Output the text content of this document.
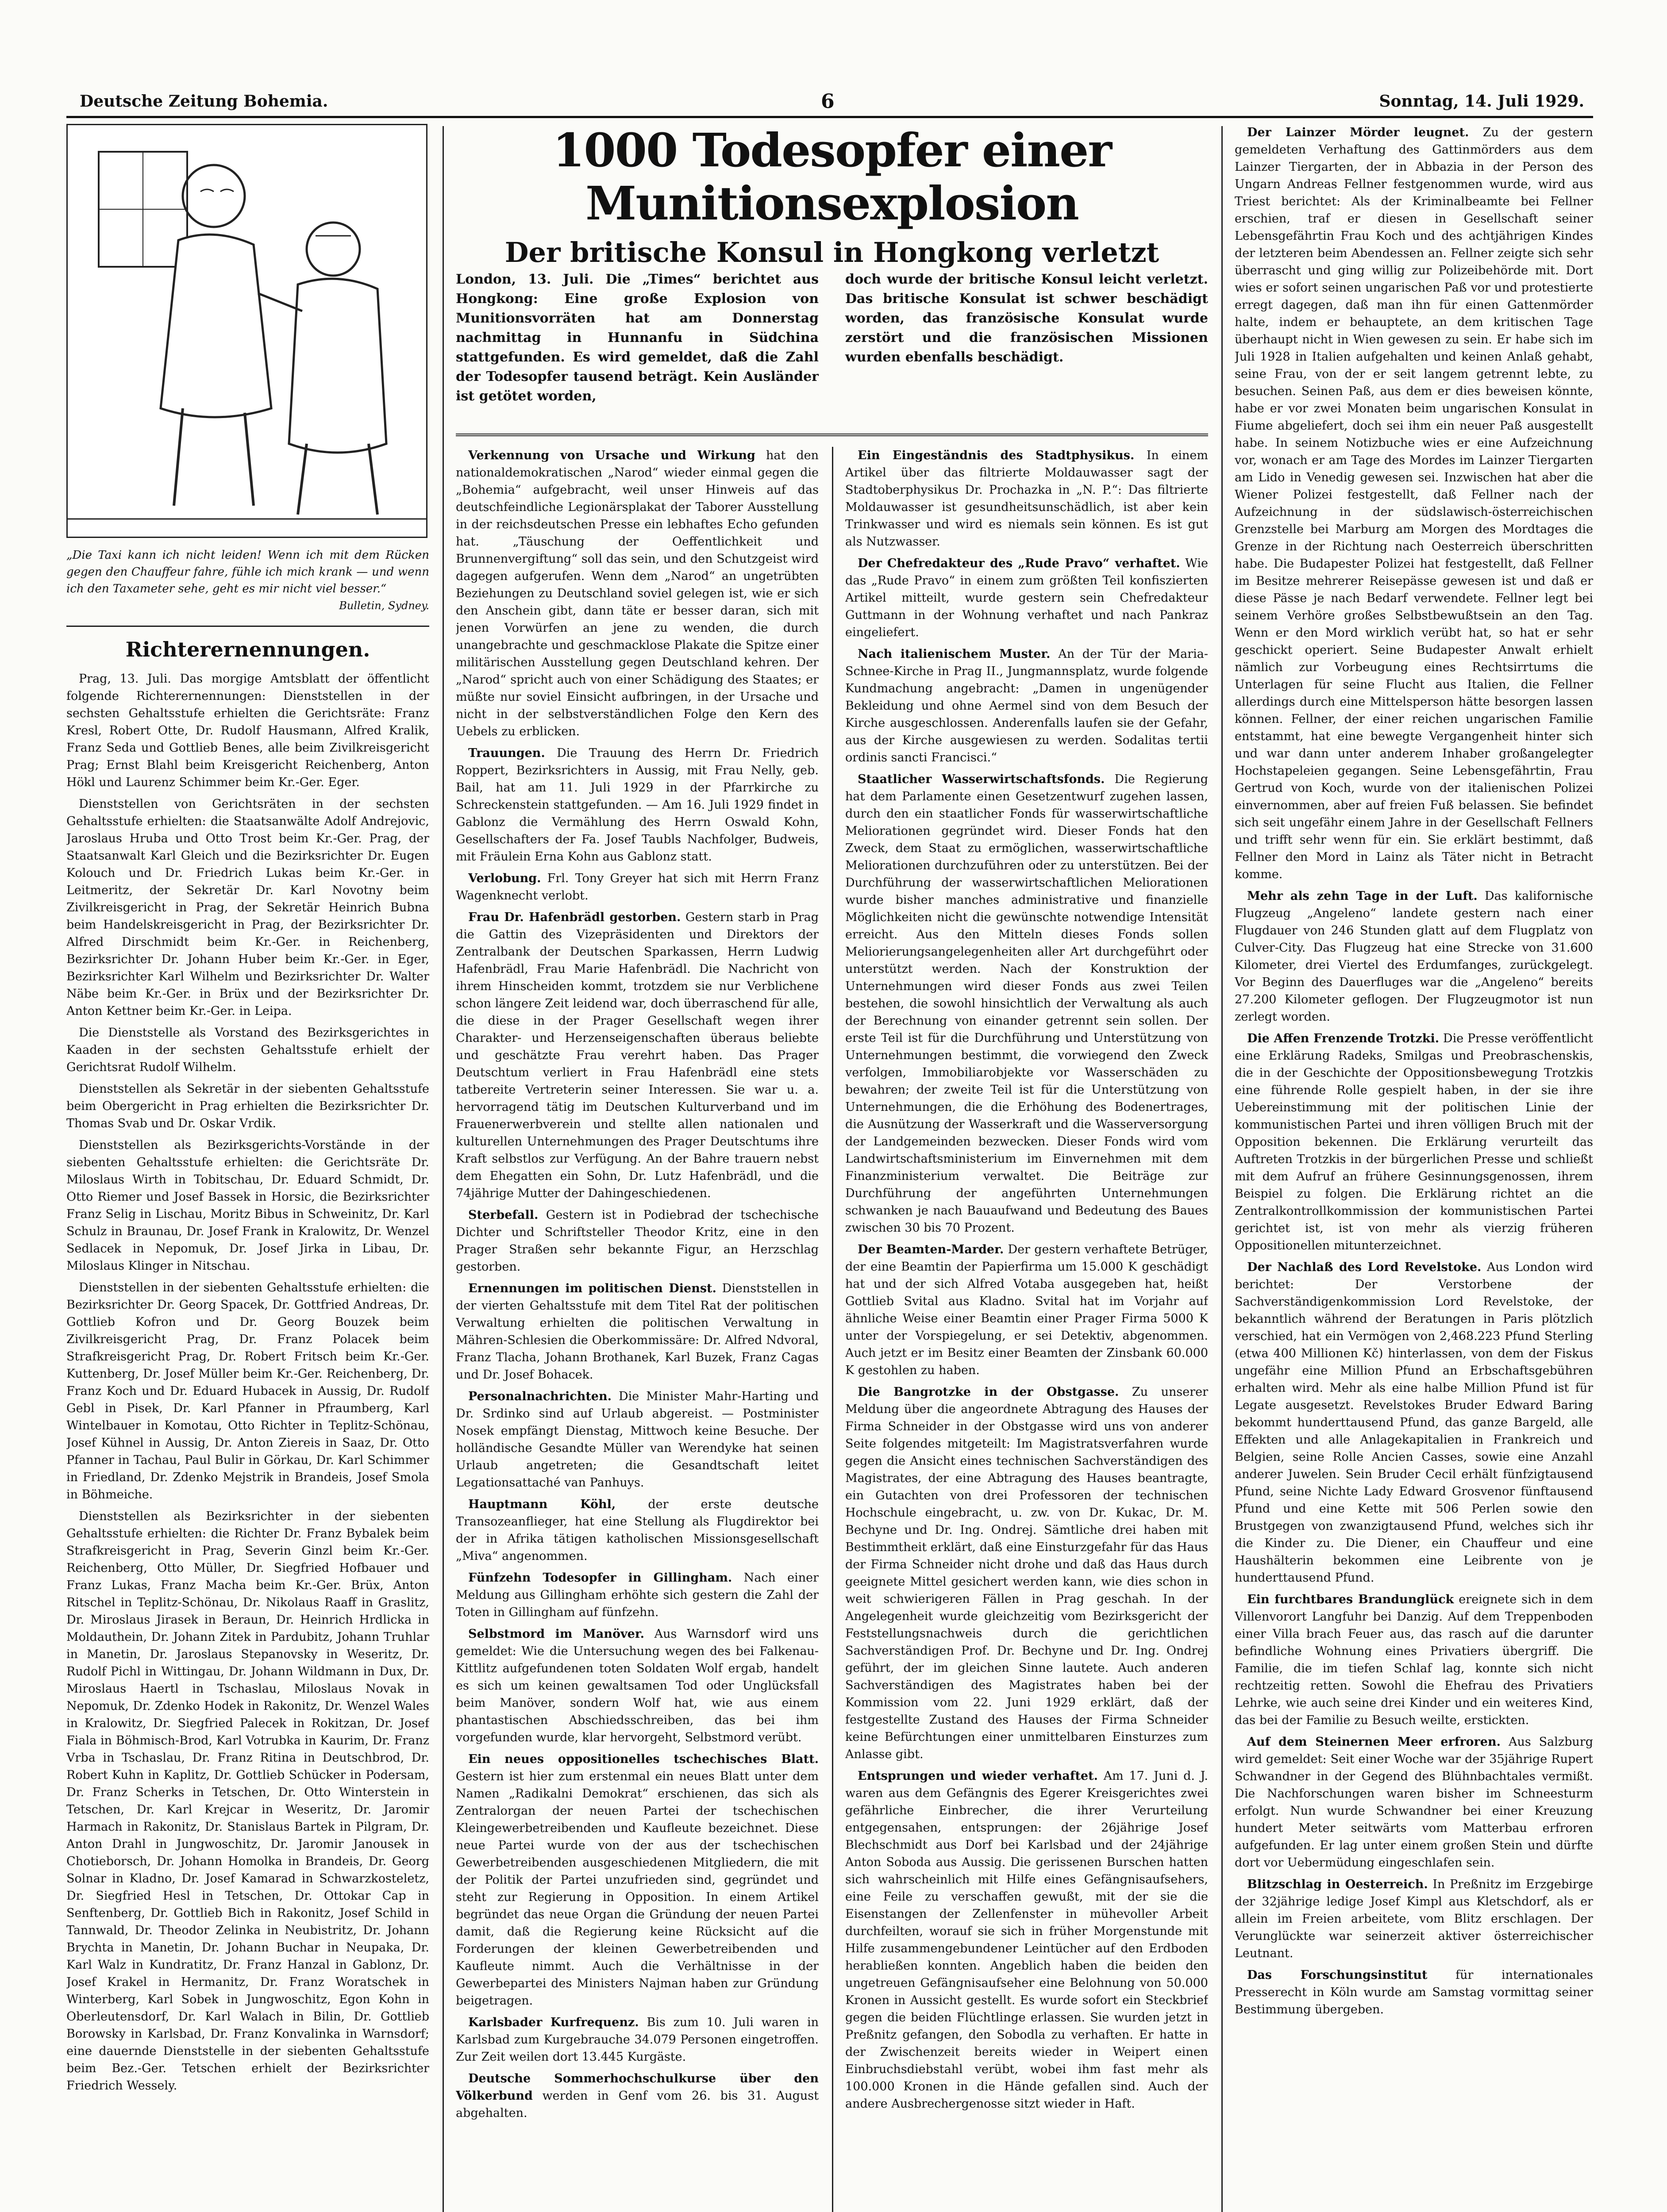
Deutsche Zeitung Bohemia.	6	Sonntag, 14. Juli 1929.

„Die Taxi kann ich nicht leiden! Wenn ich mit dem Rücken gegen den Chauffeur fahre, fühle ich mich krank — und wenn ich den Taxameter sehe, geht es mir nicht viel besser.“
Bulletin, Sydney.

Richterernennungen.

Prag, 13. Juli. Das morgige Amtsblatt der öffentlicht folgende Richterernennungen: Dienststellen in der sechsten Gehaltsstufe erhielten die Gerichtsräte: Franz Kresl, Robert Otte, Dr. Rudolf Hausmann, Alfred Kralik, Franz Seda und Gottlieb Benes, alle beim Zivilkreisgericht Prag; Ernst Blahl beim Kreisgericht Reichenberg, Anton Hökl und Laurenz Schimmer beim Kr.-Ger. Eger.

Dienststellen von Gerichtsräten in der sechsten Gehaltsstufe erhielten: die Staatsanwälte Adolf Andrejovic, Jaroslaus Hruba und Otto Trost beim Kr.-Ger. Prag, der Staatsanwalt Karl Gleich und die Bezirksrichter Dr. Eugen Kolouch und Dr. Friedrich Lukas beim Kr.-Ger. in Leitmeritz, der Sekretär Dr. Karl Novotny beim Zivilkreisgericht in Prag, der Sekretär Heinrich Bubna beim Handelskreisgericht in Prag, der Bezirksrichter Dr. Alfred Dirschmidt beim Kr.-Ger. in Reichenberg, Bezirksrichter Dr. Johann Huber beim Kr.-Ger. in Eger, Bezirksrichter Karl Wilhelm und Bezirksrichter Dr. Walter Näbe beim Kr.-Ger. in Brüx und der Bezirksrichter Dr. Anton Kettner beim Kr.-Ger. in Leipa.

Die Dienststelle als Vorstand des Bezirksgerichtes in Kaaden in der sechsten Gehaltsstufe erhielt der Gerichtsrat Rudolf Wilhelm.

Dienststellen als Sekretär in der siebenten Gehaltsstufe beim Obergericht in Prag erhielten die Bezirksrichter Dr. Thomas Svab und Dr. Oskar Vrdik.

Dienststellen als Bezirksgerichts-Vorstände in der siebenten Gehaltsstufe erhielten: die Gerichtsräte Dr. Miloslaus Wirth in Tobitschau, Dr. Eduard Schmidt, Dr. Otto Riemer und Josef Bassek in Horsic, die Bezirksrichter Franz Selig in Lischau, Moritz Bibus in Schweinitz, Dr. Karl Schulz in Braunau, Dr. Josef Frank in Kralowitz, Dr. Wenzel Sedlacek in Nepomuk, Dr. Josef Jirka in Libau, Dr. Miloslaus Klinger in Nitschau.

Dienststellen in der siebenten Gehaltsstufe erhielten: die Bezirksrichter Dr. Georg Spacek, Dr. Gottfried Andreas, Dr. Gottlieb Kofron und Dr. Georg Bouzek beim Zivilkreisgericht Prag, Dr. Franz Polacek beim Strafkreisgericht Prag, Dr. Robert Fritsch beim Kr.-Ger. Kuttenberg, Dr. Josef Müller beim Kr.-Ger. Reichenberg, Dr. Franz Koch und Dr. Eduard Hubacek in Aussig, Dr. Rudolf Gebl in Pisek, Dr. Karl Pfanner in Pfraumberg, Karl Wintelbauer in Komotau, Otto Richter in Teplitz-Schönau, Josef Kühnel in Aussig, Dr. Anton Ziereis in Saaz, Dr. Otto Pfanner in Tachau, Paul Bulir in Görkau, Dr. Karl Schimmer in Friedland, Dr. Zdenko Mejstrik in Brandeis, Josef Smola in Böhmeiche.

Dienststellen als Bezirksrichter in der siebenten Gehaltsstufe erhielten: die Richter Dr. Franz Bybalek beim Strafkreisgericht in Prag, Severin Ginzl beim Kr.-Ger. Reichenberg, Otto Müller, Dr. Siegfried Hofbauer und Franz Lukas, Franz Macha beim Kr.-Ger. Brüx, Anton Ritschel in Teplitz-Schönau, Dr. Nikolaus Raaff in Graslitz, Dr. Miroslaus Jirasek in Beraun, Dr. Heinrich Hrdlicka in Moldauthein, Dr. Johann Zitek in Pardubitz, Johann Truhlar in Manetin, Dr. Jaroslaus Stepanovsky in Weseritz, Dr. Rudolf Pichl in Wittingau, Dr. Johann Wildmann in Dux, Dr. Miroslaus Haertl in Tschaslau, Miloslaus Novak in Nepomuk, Dr. Zdenko Hodek in Rakonitz, Dr. Wenzel Wales in Kralowitz, Dr. Siegfried Palecek in Rokitzan, Dr. Josef Fiala in Böhmisch-Brod, Karl Votrubka in Kaurim, Dr. Franz Vrba in Tschaslau, Dr. Franz Ritina in Deutschbrod, Dr. Robert Kuhn in Kaplitz, Dr. Gottlieb Schücker in Podersam, Dr. Franz Scherks in Tetschen, Dr. Otto Winterstein in Tetschen, Dr. Karl Krejcar in Weseritz, Dr. Jaromir Harmach in Rakonitz, Dr. Stanislaus Bartek in Pilgram, Dr. Anton Drahl in Jungwoschitz, Dr. Jaromir Janousek in Chotieborsch, Dr. Johann Homolka in Brandeis, Dr. Georg Solnar in Kladno, Dr. Josef Kamarad in Schwarzkosteletz, Dr. Siegfried Hesl in Tetschen, Dr. Ottokar Cap in Senftenberg, Dr. Gottlieb Bich in Rakonitz, Josef Schild in Tannwald, Dr. Theodor Zelinka in Neubistritz, Dr. Johann Brychta in Manetin, Dr. Johann Buchar in Neupaka, Dr. Karl Walz in Kundratitz, Dr. Franz Hanzal in Gablonz, Dr. Josef Krakel in Hermanitz, Dr. Franz Woratschek in Winterberg, Karl Sobek in Jungwoschitz, Egon Kohn in Oberleutensdorf, Dr. Karl Walach in Bilin, Dr. Gottlieb Borowsky in Karlsbad, Dr. Franz Konvalinka in Warnsdorf; eine dauernde Dienststelle in der siebenten Gehaltsstufe beim Bez.-Ger. Tetschen erhielt der Bezirksrichter Friedrich Wessely.

1000 Todesopfer einer Munitionsexplosion
Der britische Konsul in Hongkong verletzt
London, 13. Juli. Die „Times“ berichtet aus Hongkong: Eine große Explosion von Munitionsvorräten hat am Donnerstag nachmittag in Hunnanfu in Südchina stattgefunden. Es wird gemeldet, daß die Zahl der Todesopfer tausend beträgt. Kein Ausländer ist getötet worden,
doch wurde der britische Konsul leicht verletzt. Das britische Konsulat ist schwer beschädigt worden, das französische Konsulat wurde zerstört und die französischen Missionen wurden ebenfalls beschädigt.

Verkennung von Ursache und Wirkung hat den nationaldemokratischen „Narod“ wieder einmal gegen die „Bohemia“ aufgebracht, weil unser Hinweis auf das deutschfeindliche Legionärsplakat der Taborer Ausstellung in der reichsdeutschen Presse ein lebhaftes Echo gefunden hat. „Täuschung der Oeffentlichkeit und Brunnenvergiftung“ soll das sein, und den Schutzgeist wird dagegen aufgerufen. Wenn dem „Narod“ an ungetrübten Beziehungen zu Deutschland soviel gelegen ist, wie er sich den Anschein gibt, dann täte er besser daran, sich mit jenen Vorwürfen an jene zu wenden, die durch unangebrachte und geschmacklose Plakate die Spitze einer militärischen Ausstellung gegen Deutschland kehren. Der „Narod“ spricht auch von einer Schädigung des Staates; er müßte nur soviel Einsicht aufbringen, in der Ursache und nicht in der selbstverständlichen Folge den Kern des Uebels zu erblicken.

Trauungen. Die Trauung des Herrn Dr. Friedrich Roppert, Bezirksrichters in Aussig, mit Frau Nelly, geb. Bail, hat am 11. Juli 1929 in der Pfarrkirche zu Schreckenstein stattgefunden. — Am 16. Juli 1929 findet in Gablonz die Vermählung des Herrn Oswald Kohn, Gesellschafters der Fa. Josef Taubls Nachfolger, Budweis, mit Fräulein Erna Kohn aus Gablonz statt.

Verlobung. Frl. Tony Greyer hat sich mit Herrn Franz Wagenknecht verlobt.

Frau Dr. Hafenbrädl gestorben. Gestern starb in Prag die Gattin des Vizepräsidenten und Direktors der Zentralbank der Deutschen Sparkassen, Herrn Ludwig Hafenbrädl, Frau Marie Hafenbrädl. Die Nachricht von ihrem Hinscheiden kommt, trotzdem sie nur Verblichene schon längere Zeit leidend war, doch überraschend für alle, die diese in der Prager Gesellschaft wegen ihrer Charakter- und Herzenseigenschaften überaus beliebte und geschätzte Frau verehrt haben. Das Prager Deutschtum verliert in Frau Hafenbrädl eine stets tatbereite Vertreterin seiner Interessen. Sie war u. a. hervorragend tätig im Deutschen Kulturverband und im Frauenerwerbverein und stellte allen nationalen und kulturellen Unternehmungen des Prager Deutschtums ihre Kraft selbstlos zur Verfügung. An der Bahre trauern nebst dem Ehegatten ein Sohn, Dr. Lutz Hafenbrädl, und die 74jährige Mutter der Dahingeschiedenen.

Sterbefall. Gestern ist in Podiebrad der tschechische Dichter und Schriftsteller Theodor Kritz, eine in den Prager Straßen sehr bekannte Figur, an Herzschlag gestorben.

Ernennungen im politischen Dienst. Dienststellen in der vierten Gehaltsstufe mit dem Titel Rat der politischen Verwaltung erhielten die politischen Verwaltung in Mähren-Schlesien die Oberkommissäre: Dr. Alfred Ndvoral, Franz Tlacha, Johann Brothanek, Karl Buzek, Franz Cagas und Dr. Josef Bohacek.

Personalnachrichten. Die Minister Mahr-Harting und Dr. Srdinko sind auf Urlaub abgereist. — Postminister Nosek empfängt Dienstag, Mittwoch keine Besuche. Der holländische Gesandte Müller van Werendyke hat seinen Urlaub angetreten; die Gesandtschaft leitet Legationsattaché van Panhuys.

Hauptmann Köhl,	der erste deutsche Transozeanflieger, hat eine Stellung als Flugdirektor bei der in Afrika tätigen katholischen Missionsgesellschaft „Miva“ angenommen.

Fünfzehn Todesopfer in Gillingham. Nach einer Meldung aus Gillingham erhöhte sich gestern die Zahl der Toten in Gillingham auf fünfzehn.

Selbstmord im Manöver. Aus Warnsdorf wird uns gemeldet: Wie die Untersuchung wegen des bei Falkenau-Kittlitz aufgefundenen toten Soldaten Wolf ergab, handelt es sich um keinen gewaltsamen Tod oder Unglücksfall beim Manöver, sondern Wolf hat, wie aus einem phantastischen Abschiedsschreiben, das bei ihm vorgefunden wurde, klar hervorgeht, Selbstmord verübt.

Ein neues oppositionelles tschechisches Blatt. Gestern ist hier zum erstenmal ein neues Blatt unter dem Namen „Radikalni Demokrat“ erschienen, das sich als Zentralorgan der neuen Partei der tschechischen Kleingewerbetreibenden und Kaufleute bezeichnet. Diese neue Partei wurde von der aus der tschechischen Gewerbetreibenden ausgeschiedenen Mitgliedern, die mit der Politik der Partei unzufrieden sind, gegründet und steht zur Regierung in Opposition. In einem Artikel begründet das neue Organ die Gründung der neuen Partei damit, daß die Regierung keine Rücksicht auf die Forderungen der kleinen Gewerbetreibenden und Kaufleute nimmt. Auch die Verhältnisse in der Gewerbepartei des Ministers Najman haben zur Gründung beigetragen.

Karlsbader Kurfrequenz. Bis zum 10. Juli waren in Karlsbad zum Kurgebrauche 34.079 Personen eingetroffen. Zur Zeit weilen dort 13.445 Kurgäste.

Deutsche Sommerhochschulkurse über den Völkerbund werden in Genf vom 26. bis 31. August abgehalten.

Ein Eingeständnis des Stadtphysikus. In einem Artikel über das filtrierte Moldauwasser sagt der Stadtoberphysikus Dr. Prochazka in „N. P.“: Das filtrierte Moldauwasser ist gesundheitsunschädlich, ist aber kein Trinkwasser und wird es niemals sein können. Es ist gut als Nutzwasser.

Der Chefredakteur des „Rude Pravo“ verhaftet. Wie das „Rude Pravo“ in einem zum größten Teil konfiszierten Artikel mitteilt, wurde gestern sein Chefredakteur Guttmann in der Wohnung verhaftet und nach Pankraz eingeliefert.

Nach italienischem Muster. An der Tür der Maria-Schnee-Kirche in Prag II., Jungmannsplatz, wurde folgende Kundmachung angebracht: „Damen in ungenügender Bekleidung und ohne Aermel sind von dem Besuch der Kirche ausgeschlossen. Anderenfalls laufen sie der Gefahr, aus der Kirche ausgewiesen zu werden. Sodalitas tertii ordinis sancti Francisci.“

Staatlicher Wasserwirtschaftsfonds. Die Regierung hat dem Parlamente einen Gesetzentwurf zugehen lassen, durch den ein staatlicher Fonds für wasserwirtschaftliche Meliorationen gegründet wird. Dieser Fonds hat den Zweck, dem Staat zu ermöglichen, wasserwirtschaftliche Meliorationen durchzuführen oder zu unterstützen. Bei der Durchführung der wasserwirtschaftlichen Meliorationen wurde bisher manches administrative und finanzielle Möglichkeiten nicht die gewünschte notwendige Intensität erreicht. Aus den Mitteln dieses Fonds sollen Meliorierungsangelegenheiten aller Art durchgeführt oder unterstützt werden. Nach der Konstruktion der Unternehmungen wird dieser Fonds aus zwei Teilen bestehen, die sowohl hinsichtlich der Verwaltung als auch der Berechnung von einander getrennt sein sollen. Der erste Teil ist für die Durchführung und Unterstützung von Unternehmungen bestimmt, die vorwiegend den Zweck verfolgen, Immobiliarobjekte vor Wasserschäden zu bewahren; der zweite Teil ist für die Unterstützung von Unternehmungen, die die Erhöhung des Bodenertrages, die Ausnützung der Wasserkraft und die Wasserversorgung der Landgemeinden bezwecken. Dieser Fonds wird vom Landwirtschaftsministerium im Einvernehmen mit dem Finanzministerium verwaltet. Die Beiträge zur Durchführung der angeführten Unternehmungen schwanken je nach Bauaufwand und Bedeutung des Baues zwischen 30 bis 70 Prozent.

Der Beamten-Marder. Der gestern verhaftete Betrüger, der eine Beamtin der Papierfirma um 15.000 K geschädigt hat und der sich Alfred Votaba ausgegeben hat, heißt Gottlieb Svital aus Kladno. Svital hat im Vorjahr auf ähnliche Weise einer Beamtin einer Prager Firma 5000 K unter der Vorspiegelung, er sei Detektiv, abgenommen. Auch jetzt er im Besitz einer Beamten der Zinsbank 60.000 K gestohlen zu haben.

Die Bangrotzke in der Obstgasse. Zu unserer Meldung über die angeordnete Abtragung des Hauses der Firma Schneider in der Obstgasse wird uns von anderer Seite folgendes mitgeteilt: Im Magistratsverfahren wurde gegen die Ansicht eines technischen Sachverständigen des Magistrates, der eine Abtragung des Hauses beantragte, ein Gutachten von drei Professoren der technischen Hochschule eingebracht, u. zw. von Dr. Kukac, Dr. M. Bechyne und Dr. Ing. Ondrej. Sämtliche drei haben mit Bestimmtheit erklärt, daß eine Einsturzgefahr für das Haus der Firma Schneider nicht drohe und daß das Haus durch geeignete Mittel gesichert werden kann, wie dies schon in weit schwierigeren Fällen in Prag geschah. In der Angelegenheit wurde gleichzeitig vom Bezirksgericht der Feststellungsnachweis durch die gerichtlichen Sachverständigen Prof. Dr. Bechyne und Dr. Ing. Ondrej geführt, der im gleichen Sinne lautete. Auch anderen Sachverständigen des Magistrates haben bei der Kommission vom 22. Juni 1929 erklärt, daß der festgestellte Zustand des Hauses der Firma Schneider keine Befürchtungen einer unmittelbaren Einsturzes zum Anlasse gibt.

Entsprungen und wieder verhaftet. Am 17. Juni d. J. waren aus dem Gefängnis des Egerer Kreisgerichtes zwei gefährliche Einbrecher, die ihrer Verurteilung entgegensahen, entsprungen: der 26jährige Josef Blechschmidt aus Dorf bei Karlsbad und der 24jährige Anton Soboda aus Aussig. Die gerissenen Burschen hatten sich wahrscheinlich mit Hilfe eines Gefängnisaufsehers, eine Feile zu verschaffen gewußt, mit der sie die Eisenstangen der Zellenfenster in mühevoller Arbeit durchfeilten, worauf sie sich in früher Morgenstunde mit Hilfe zusammengebundener Leintücher auf den Erdboden herabließen konnten. Angeblich haben die beiden den ungetreuen Gefängnisaufseher eine Belohnung von 50.000 Kronen in Aussicht gestellt. Es wurde sofort ein Steckbrief gegen die beiden Flüchtlinge erlassen. Sie wurden jetzt in Preßnitz gefangen, den Sobodla zu verhaften. Er hatte in der Zwischenzeit bereits wieder in Weipert einen Einbruchsdiebstahl verübt, wobei ihm fast mehr als 100.000 Kronen in die Hände gefallen sind. Auch der andere Ausbrechergenosse sitzt wieder in Haft.

Der Lainzer Mörder leugnet. Zu der gestern gemeldeten Verhaftung des Gattinmörders aus dem Lainzer Tiergarten, der in Abbazia in der Person des Ungarn Andreas Fellner festgenommen wurde, wird aus Triest berichtet: Als der Kriminalbeamte bei Fellner erschien, traf er diesen in Gesellschaft seiner Lebensgefährtin Frau Koch und des achtjährigen Kindes der letzteren beim Abendessen an. Fellner zeigte sich sehr überrascht und ging willig zur Polizeibehörde mit. Dort wies er sofort seinen ungarischen Paß vor und protestierte erregt dagegen, daß man ihn für einen Gattenmörder halte, indem er behauptete, an dem kritischen Tage überhaupt nicht in Wien gewesen zu sein. Er habe sich im Juli 1928 in Italien aufgehalten und keinen Anlaß gehabt, seine Frau, von der er seit langem getrennt lebte, zu besuchen. Seinen Paß, aus dem er dies beweisen könnte, habe er vor zwei Monaten beim ungarischen Konsulat in Fiume abgeliefert, doch sei ihm ein neuer Paß ausgestellt habe. In seinem Notizbuche wies er eine Aufzeichnung vor, wonach er am Tage des Mordes im Lainzer Tiergarten am Lido in Venedig gewesen sei. Inzwischen hat aber die Wiener Polizei festgestellt, daß Fellner nach der Aufzeichnung in der südslawisch-österreichischen Grenzstelle bei Marburg am Morgen des Mordtages die Grenze in der Richtung nach Oesterreich überschritten habe. Die Budapester Polizei hat festgestellt, daß Fellner im Besitze mehrerer Reisepässe gewesen ist und daß er diese Pässe je nach Bedarf verwendete. Fellner legt bei seinem Verhöre großes Selbstbewußtsein an den Tag. Wenn er den Mord wirklich verübt hat, so hat er sehr geschickt operiert. Seine Budapester Anwalt erhielt nämlich zur Vorbeugung eines Rechtsirrtums die Unterlagen für seine Flucht aus Italien, die Fellner allerdings durch eine Mittelsperson hätte besorgen lassen können. Fellner, der einer reichen ungarischen Familie entstammt, hat eine bewegte Vergangenheit hinter sich und war dann unter anderem Inhaber großangelegter Hochstapeleien gegangen. Seine Lebensgefährtin, Frau Gertrud von Koch, wurde von der italienischen Polizei einvernommen, aber auf freien Fuß belassen. Sie befindet sich seit ungefähr einem Jahre in der Gesellschaft Fellners und trifft sehr wenn für ein. Sie erklärt bestimmt, daß Fellner den Mord in Lainz als Täter nicht in Betracht komme.

Mehr als zehn Tage in der Luft. Das kalifornische Flugzeug „Angeleno“ landete gestern nach einer Flugdauer von 246 Stunden glatt auf dem Flugplatz von Culver-City. Das Flugzeug hat eine Strecke von 31.600 Kilometer, drei Viertel des Erdumfanges, zurückgelegt. Vor Beginn des Dauerfluges war die „Angeleno“ bereits 27.200 Kilometer geflogen. Der Flugzeugmotor ist nun zerlegt worden.

Die Affen Frenzende Trotzki. Die Presse veröffentlicht eine Erklärung Radeks, Smilgas und Preobraschenskis, die in der Geschichte der Oppositionsbewegung Trotzkis eine führende Rolle gespielt haben, in der sie ihre Uebereinstimmung mit der politischen Linie der kommunistischen Partei und ihren völligen Bruch mit der Opposition bekennen. Die Erklärung verurteilt das Auftreten Trotzkis in der bürgerlichen Presse und schließt mit dem Aufruf an frühere Gesinnungsgenossen, ihrem Beispiel zu folgen. Die Erklärung richtet an die Zentralkontrollkommission der kommunistischen Partei gerichtet ist, ist von mehr als vierzig früheren Oppositionellen mitunterzeichnet.

Der Nachlaß des Lord Revelstoke. Aus London wird berichtet: Der Verstorbene der Sachverständigenkommission Lord Revelstoke, der bekanntlich während der Beratungen in Paris plötzlich verschied, hat ein Vermögen von 2,468.223 Pfund Sterling (etwa 400 Millionen Kč) hinterlassen, von dem der Fiskus ungefähr eine Million Pfund an Erbschaftsgebühren erhalten wird. Mehr als eine halbe Million Pfund ist für Legate ausgesetzt. Revelstokes Bruder Edward Baring bekommt hunderttausend Pfund, das ganze Bargeld, alle Effekten und alle Anlagekapitalien in Frankreich und Belgien, seine Rolle Ancien Casses, sowie eine Anzahl anderer Juwelen. Sein Bruder Cecil erhält fünfzigtausend Pfund, seine Nichte Lady Edward Grosvenor fünftausend Pfund und eine Kette mit 506 Perlen sowie den Brustgegen von zwanzigtausend Pfund, welches sich ihr die Kinder zu. Die Diener, ein Chauffeur und eine Haushälterin bekommen eine Leibrente von je hunderttausend Pfund.

Ein furchtbares Brandunglück ereignete sich in dem Villenvorort Langfuhr bei Danzig. Auf dem Treppenboden einer Villa brach Feuer aus, das rasch auf die darunter befindliche Wohnung eines Privatiers übergriff. Die Familie, die im tiefen Schlaf lag, konnte sich nicht rechtzeitig retten. Sowohl die Ehefrau des Privatiers Lehrke, wie auch seine drei Kinder und ein weiteres Kind, das bei der Familie zu Besuch weilte, erstickten.

Auf dem Steinernen Meer erfroren. Aus Salzburg wird gemeldet: Seit einer Woche war der 35jährige Rupert Schwandner in der Gegend des Blühnbachtales vermißt. Die Nachforschungen waren bisher im Schneesturm erfolgt. Nun wurde Schwandner bei einer Kreuzung hundert Meter seitwärts vom Matterbau erfroren aufgefunden. Er lag unter einem großen Stein und dürfte dort vor Uebermüdung eingeschlafen sein.

Blitzschlag in Oesterreich. In Preßnitz im Erzgebirge der 32jährige ledige Josef Kimpl aus Kletschdorf, als er allein im Freien arbeitete, vom Blitz erschlagen. Der Verunglückte war seinerzeit aktiver österreichischer Leutnant.

Das Forschungsinstitut für internationales Presserecht in Köln wurde am Samstag vormittag seiner Bestimmung übergeben.
